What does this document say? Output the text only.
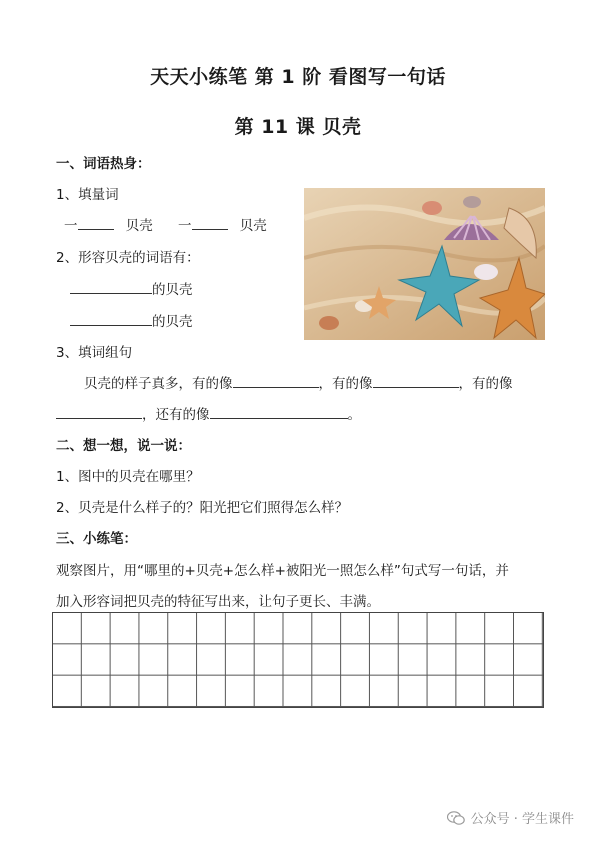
天天小练笔 第 1 阶 看图写一句话
第 11 课 贝壳
一、词语热身：
1、填量词
一	贝壳 一	贝壳
2、形容贝壳的词语有：
的贝壳
的贝壳
3、填词组句
贝壳的样子真多，有的像	，有的像	，有的像
，还有的像	。
二、想一想，说一说：
1、图中的贝壳在哪里？
2、贝壳是什么样子的？阳光把它们照得怎么样？
三、小练笔：
观察图片，用“哪里的+贝壳+怎么样+被阳光一照怎么样”句式写一句话，并
加入形容词把贝壳的特征写出来，让句子更长、丰满。
公众号 · 学生课件
